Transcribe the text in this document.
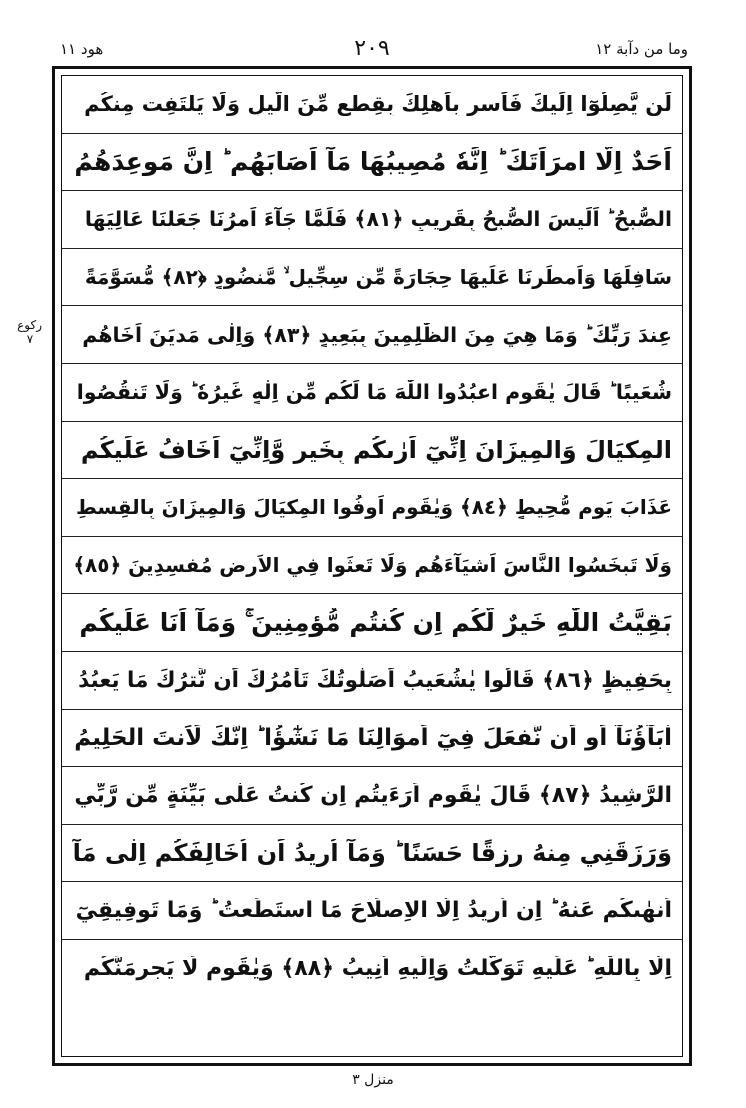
هود ١١	٢٠٩	وما من دآبة ١٢
ركوع ٧
لَن يَّصِلُوٓا اِلَيكَ فَاَسرِ بِاَهلِكَ بِقِطعٍ مِّنَ الَّيلِ وَلَا يَلتَفِت مِنكُم
اَحَدٌ اِلَّا امرَاَتَكَ ؕ اِنَّهٗ مُصِيبُهَا مَآ اَصَابَهُم ؕ اِنَّ مَوعِدَهُمُ
الصُّبحُ ؕ اَلَيسَ الصُّبحُ بِقَرِيبٍ ﴿٨١﴾ فَلَمَّا جَآءَ اَمرُنَا جَعَلنَا عَالِيَهَا
سَافِلَهَا وَاَمطَرنَا عَلَيهَا حِجَارَةً مِّن سِجِّيلٍ ۙ مَّنضُودٍ ﴿٨٢﴾ مُّسَوَّمَةً
عِندَ رَبِّكَ ؕ وَمَا هِيَ مِنَ الظّٰلِمِينَ بِبَعِيدٍ ﴿٨٣﴾ وَاِلٰى مَديَنَ اَخَاهُم
شُعَيبًا ؕ قَالَ يٰقَومِ اعبُدُوا اللّٰهَ مَا لَكُم مِّن اِلٰهٍ غَيرُهٗ ؕ وَلَا تَنقُصُوا
المِكيَالَ وَالمِيزَانَ اِنِّيٓ اَرٰىكُم بِخَيرٍ وَّاِنِّيٓ اَخَافُ عَلَيكُم
عَذَابَ يَومٍ مُّحِيطٍ ﴿٨٤﴾ وَيٰقَومِ اَوفُوا المِكيَالَ وَالمِيزَانَ بِالقِسطِ
وَلَا تَبخَسُوا النَّاسَ اَشيَآءَهُم وَلَا تَعثَوا فِي الاَرضِ مُفسِدِينَ ﴿٨٥﴾
بَقِيَّتُ اللّٰهِ خَيرٌ لَّكُم اِن كُنتُم مُّؤمِنِينَ ۚ وَمَآ اَنَا عَلَيكُم
بِحَفِيظٍ ﴿٨٦﴾ قَالُوا يٰشُعَيبُ اَصَلٰوتُكَ تَاْمُرُكَ اَن نَّترُكَ مَا يَعبُدُ
اٰبَآؤُنَآ اَو اَن نَّفعَلَ فِيٓ اَموَالِنَا مَا نَشٰٓؤُا ؕ اِنَّكَ لَاَنتَ الحَلِيمُ
الرَّشِيدُ ﴿٨٧﴾ قَالَ يٰقَومِ اَرَءَيتُم اِن كُنتُ عَلٰى بَيِّنَةٍ مِّن رَّبِّي
وَرَزَقَنِي مِنهُ رِزقًا حَسَنًا ؕ وَمَآ اُرِيدُ اَن اُخَالِفَكُم اِلٰى مَآ
اَنهٰىكُم عَنهُ ؕ اِن اُرِيدُ اِلَّا الاِصلَاحَ مَا استَطَعتُ ؕ وَمَا تَوفِيقِيٓ
اِلَّا بِاللّٰهِ ؕ عَلَيهِ تَوَكَّلتُ وَاِلَيهِ اُنِيبُ ﴿٨٨﴾ وَيٰقَومِ لَا يَجرِمَنَّكُم
منزل ٣
